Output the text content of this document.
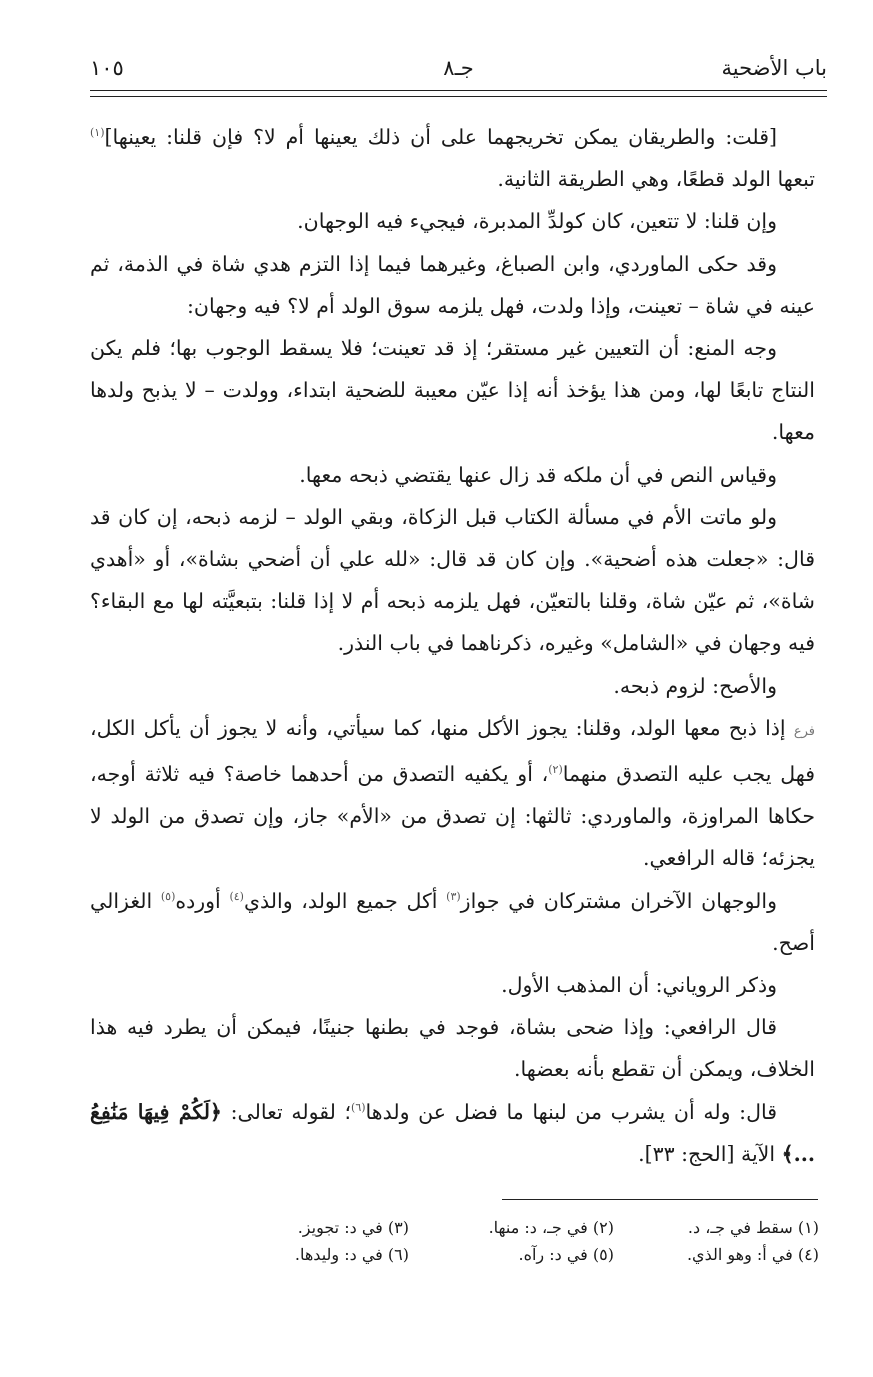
باب الأضحية
جـ٨
١٠٥

[قلت: والطريقان يمكن تخريجهما على أن ذلك يعينها أم لا؟ فإن قلنا: يعينها]$^{(١)}$ تبعها الولد قطعًا، وهي الطريقة الثانية.

وإن قلنا: لا تتعين، كان كولدِّ المدبرة، فيجيء فيه الوجهان.

وقد حكى الماوردي، وابن الصباغ، وغيرهما فيما إذا التزم هدي شاة في الذمة، ثم عينه في شاة – تعينت، وإذا ولدت، فهل يلزمه سوق الولد أم لا؟ فيه وجهان:

وجه المنع: أن التعيين غير مستقر؛ إذ قد تعينت؛ فلا يسقط الوجوب بها؛ فلم يكن النتاج تابعًا لها، ومن هذا يؤخذ أنه إذا عيّن معيبة للضحية ابتداء، وولدت – لا يذبح ولدها معها.

وقياس النص في أن ملكه قد زال عنها يقتضي ذبحه معها.

ولو ماتت الأم في مسألة الكتاب قبل الزكاة، وبقي الولد – لزمه ذبحه، إن كان قد قال: «جعلت هذه أضحية». وإن كان قد قال: «لله علي أن أضحي بشاة»، أو «أهدي شاة»، ثم عيّن شاة، وقلنا بالتعيّن، فهل يلزمه ذبحه أم لا إذا قلنا: بتبعيَّته لها مع البقاء؟ فيه وجهان في «الشامل» وغيره، ذكرناهما في باب النذر.

والأصح: لزوم ذبحه.

فرع إذا ذبح معها الولد، وقلنا: يجوز الأكل منها، كما سيأتي، وأنه لا يجوز أن يأكل الكل، فهل يجب عليه التصدق منهما$^{(٢)}$، أو يكفيه التصدق من أحدهما خاصة؟ فيه ثلاثة أوجه، حكاها المراوزة، والماوردي: ثالثها: إن تصدق من «الأم» جاز، وإن تصدق من الولد لا يجزئه؛ قاله الرافعي.

والوجهان الآخران مشتركان في جواز$^{(٣)}$ أكل جميع الولد، والذي$^{(٤)}$ أورده$^{(٥)}$ الغزالي أصح.

وذكر الروياني: أن المذهب الأول.

قال الرافعي: وإذا ضحى بشاة، فوجد في بطنها جنينًا، فيمكن أن يطرد فيه هذا الخلاف، ويمكن أن تقطع بأنه بعضها.

قال: وله أن يشرب من لبنها ما فضل عن ولدها$^{(٦)}$؛ لقوله تعالى: ﴿لَكُمْ فِيهَا مَنَٰفِعُ ...﴾ الآية [الحج: ٣٣].

(١) سقط في جـ، د.
(٢) في جـ، د: منها.
(٣) في د: تجويز.
(٤) في أ: وهو الذي.
(٥) في د: رآه.
(٦) في د: وليدها.
